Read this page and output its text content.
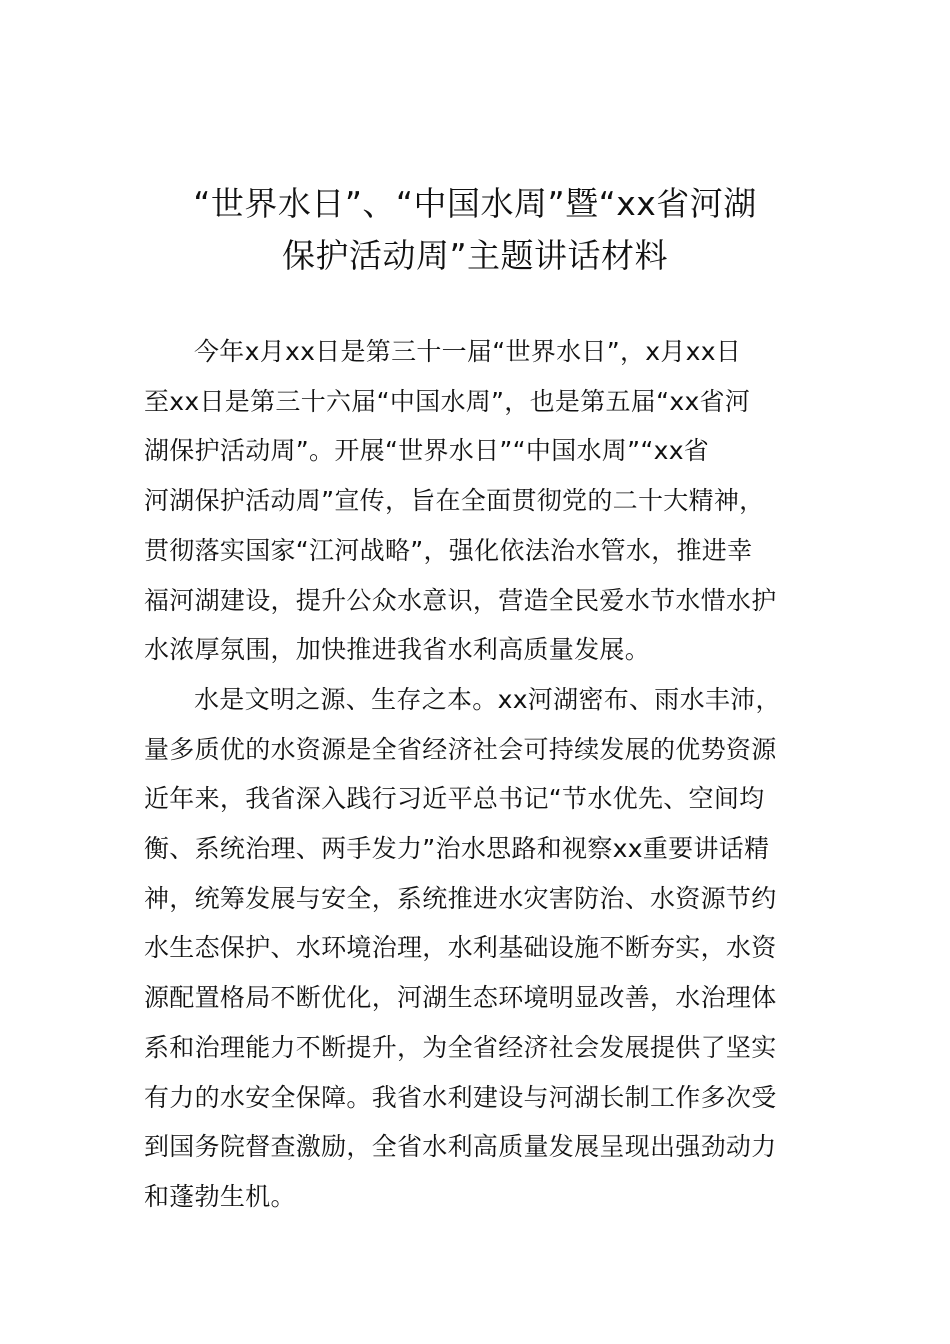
“世界水日”、“中国水周”暨“xx省河湖
保护活动周”主题讲话材料

今年x月xx日是第三十一届“世界水日”，x月xx日
至xx日是第三十六届“中国水周”，也是第五届“xx省河
湖保护活动周”。开展“世界水日”“中国水周”“xx省
河湖保护活动周”宣传，旨在全面贯彻党的二十大精神，
贯彻落实国家“江河战略”，强化依法治水管水，推进幸
福河湖建设，提升公众水意识，营造全民爱水节水惜水护
水浓厚氛围，加快推进我省水利高质量发展。

水是文明之源、生存之本。xx河湖密布、雨水丰沛，
量多质优的水资源是全省经济社会可持续发展的优势资源
近年来，我省深入践行习近平总书记“节水优先、空间均
衡、系统治理、两手发力”治水思路和视察xx重要讲话精
神，统筹发展与安全，系统推进水灾害防治、水资源节约
水生态保护、水环境治理，水利基础设施不断夯实，水资
源配置格局不断优化，河湖生态环境明显改善，水治理体
系和治理能力不断提升，为全省经济社会发展提供了坚实
有力的水安全保障。我省水利建设与河湖长制工作多次受
到国务院督查激励，全省水利高质量发展呈现出强劲动力
和蓬勃生机。
